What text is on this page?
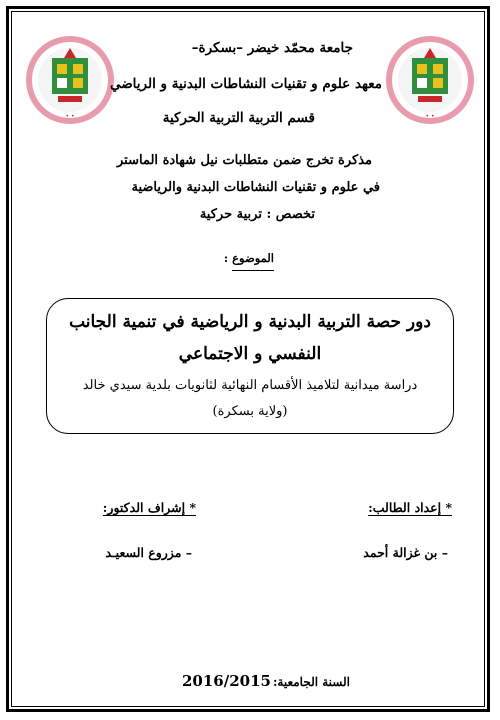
• •	• •
جامعة محمّد خيضر –بسكرة–
معهد علوم و تقنيات النشاطات البدنية و الرياضي
قسم التربية التربية الحركية
مذكرة تخرج ضمن متطلبات نيل شهادة الماستر
في علوم و تقنيات النشاطات البدنية والرياضية
تخصص : تربية حركية
الموضوع :
دور حصة التربية البدنية و الرياضية في تنمية الجانب
النفسي و الاجتماعي
دراسة ميدانية لتلاميذ الأقسام النهائية لثانويات بلدية سيدي خالد
(ولاية بسكرة)
* إعداد الطالب:
* إشراف الدكتور:
– بن غزالة أحمد
– مزروع السعيـد
السنة الجامعية:2016/2015
